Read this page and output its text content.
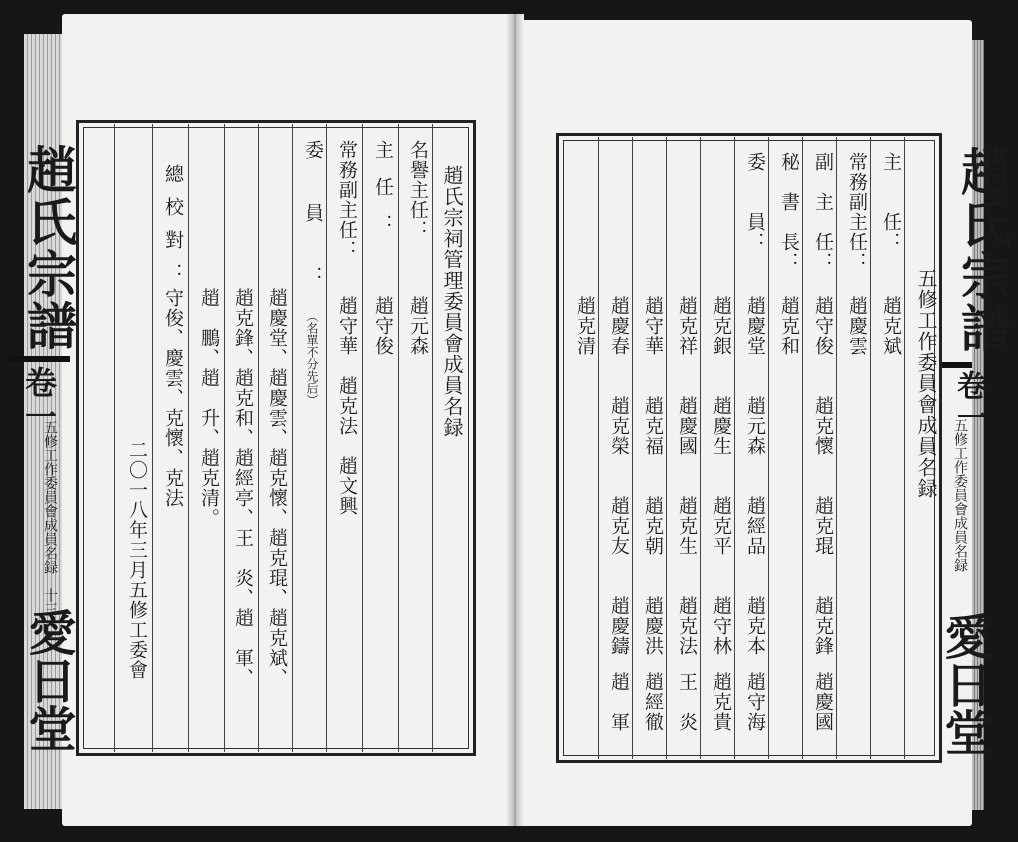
趙氏宗譜
卷一
五修工作委員會成員名録
十三
愛日堂
趙氏宗祠管理委員會成員名録
名譽主任：
趙元森
主任：
趙守俊
常務副主任：
趙守華　趙克法　趙文興
委員：
（名單不分先后）
趙慶堂、趙慶雲、趙克懷、趙克琨、趙克斌、
趙克鋒、趙克和、趙經亭、王　炎、趙　軍、
趙　鵬、趙　升、趙克清。
總校對：
守俊、慶雲、克懷、克法
二〇一八年三月五修工委會
趙氏宗譜
卷一
五修工作委員會成員名録
愛日堂
五修工作委員會成員名録
主　　任：
趙克斌
常務副主任：
趙慶雲
副　主　任：
趙守俊
趙克懷
趙克琨
趙克鋒
趙慶國
秘　書　長：
趙克和
委　　員：
趙慶堂
趙元森
趙經品
趙克本
趙守海
趙克銀
趙慶生
趙克平
趙守林
趙克貴
趙克祥
趙慶國
趙克生
趙克法
王　炎
趙守華
趙克福
趙克朝
趙慶洪
趙經徹
趙慶春
趙克榮
趙克友
趙慶鑄
趙　軍
趙克清
